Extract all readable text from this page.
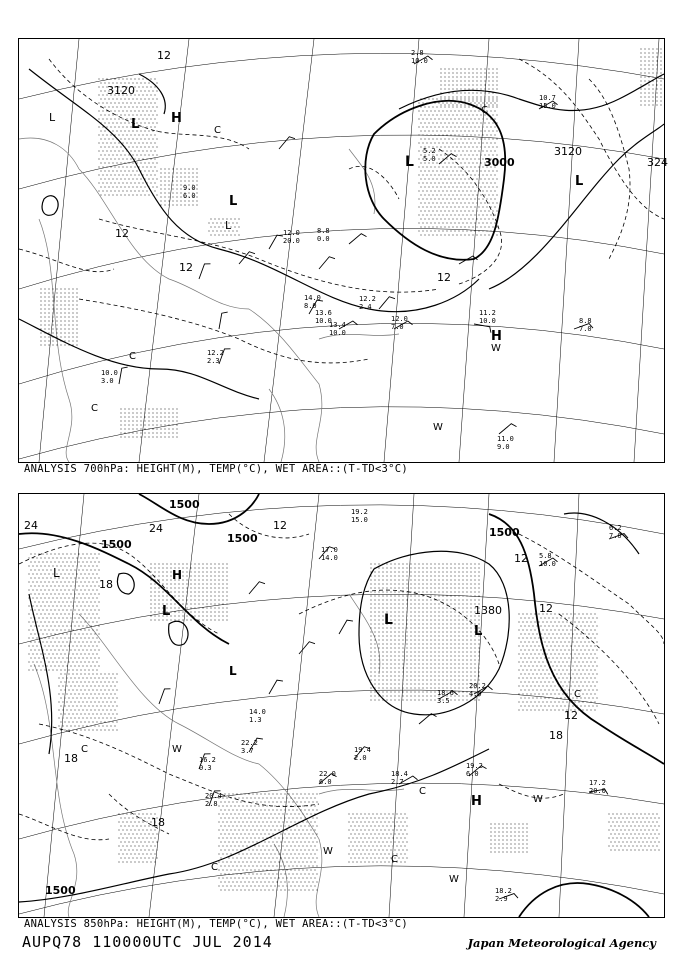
3120
3000
3120
324
12
12
12
12
L	L H
L
L
L
L
H
W
W
C
C
C
C
11.0
9.0
11.2
10.0	8.8
7.0
14.0
8.0
13.6
10.0
13.4
10.0
12.2
2.4
12.0
7.0
5.2
5.0
12.2
2.3
10.0
3.0
9.0
6.0
10.7
15.0
2.8
10.0
8.8
0.0
12.0
20.0
ANALYSIS 700hPa: HEIGHT(M), TEMP(°C), WET AREA::(T-TD<3°C)
1500
1500	1500	1500
1380
1500
24	24
18
18
18
18
12
12
12
12
L
L
H
L
L
L
H
W
W
W
W
C
C
C
C
C
19.2
6.0
18.4
2.7
19.4
2.0
20.4
2.8
22.2
3.7
18.2
2.9
17.2
20.0
6.2
7.0
5.8
10.0
17.0
14.0
19.2
15.0
18.6
3.5
16.2
0.3
20.2
4.0
14.0
1.3
22.0
6.0
ANALYSIS 850hPa: HEIGHT(M), TEMP(°C), WET AREA::(T-TD<3°C)
AUPQ78 110000UTC JUL 2014	Japan Meteorological Agency
